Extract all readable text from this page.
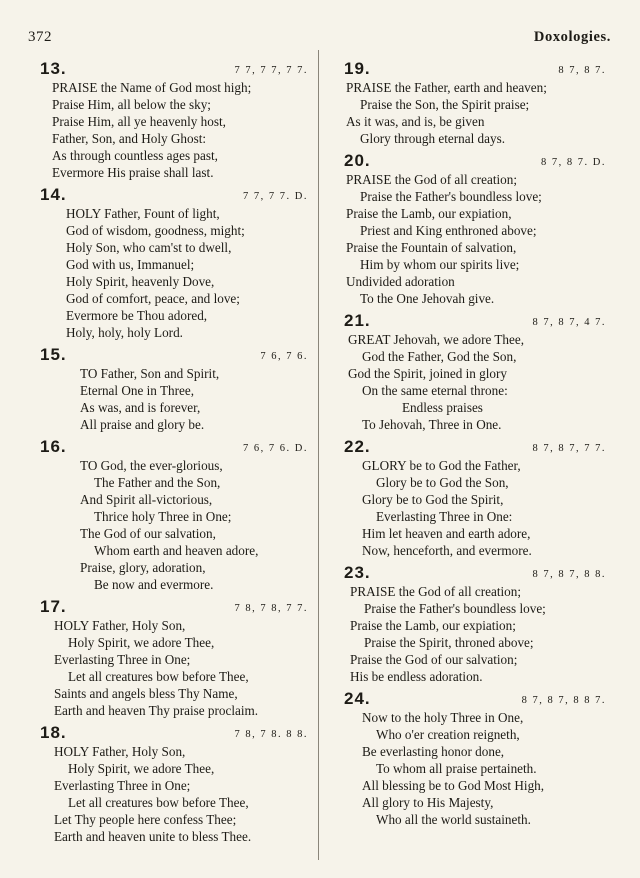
372	Doxologies.
13.	7 7, 7 7, 7 7.
PRAISE the Name of God most high;
Praise Him, all below the sky;
Praise Him, all ye heavenly host,
Father, Son, and Holy Ghost:
As through countless ages past,
Evermore His praise shall last.
14.	7 7, 7 7. D.
HOLY Father, Fount of light,
God of wisdom, goodness, might;
Holy Son, who cam'st to dwell,
God with us, Immanuel;
Holy Spirit, heavenly Dove,
God of comfort, peace, and love;
Evermore be Thou adored,
Holy, holy, holy Lord.
15.	7 6, 7 6.
TO Father, Son and Spirit,
Eternal One in Three,
As was, and is forever,
All praise and glory be.
16.	7 6, 7 6. D.
TO God, the ever-glorious,
The Father and the Son,
And Spirit all-victorious,
Thrice holy Three in One;
The God of our salvation,
Whom earth and heaven adore,
Praise, glory, adoration,
Be now and evermore.
17.	7 8, 7 8, 7 7.
HOLY Father, Holy Son,
Holy Spirit, we adore Thee,
Everlasting Three in One;
Let all creatures bow before Thee,
Saints and angels bless Thy Name,
Earth and heaven Thy praise proclaim.
18.	7 8, 7 8. 8 8.
HOLY Father, Holy Son,
Holy Spirit, we adore Thee,
Everlasting Three in One;
Let all creatures bow before Thee,
Let Thy people here confess Thee;
Earth and heaven unite to bless Thee.
19.	8 7, 8 7.
PRAISE the Father, earth and heaven;
Praise the Son, the Spirit praise;
As it was, and is, be given
Glory through eternal days.
20.	8 7, 8 7. D.
PRAISE the God of all creation;
Praise the Father's boundless love;
Praise the Lamb, our expiation,
Priest and King enthroned above;
Praise the Fountain of salvation,
Him by whom our spirits live;
Undivided adoration
To the One Jehovah give.
21.	8 7, 8 7, 4 7.
GREAT Jehovah, we adore Thee,
God the Father, God the Son,
God the Spirit, joined in glory
On the same eternal throne:
Endless praises
To Jehovah, Three in One.
22.	8 7, 8 7, 7 7.
GLORY be to God the Father,
Glory be to God the Son,
Glory be to God the Spirit,
Everlasting Three in One:
Him let heaven and earth adore,
Now, henceforth, and evermore.
23.	8 7, 8 7, 8 8.
PRAISE the God of all creation;
Praise the Father's boundless love;
Praise the Lamb, our expiation;
Praise the Spirit, throned above;
Praise the God of our salvation;
His be endless adoration.
24.	8 7, 8 7, 8 8 7.
Now to the holy Three in One,
Who o'er creation reigneth,
Be everlasting honor done,
To whom all praise pertaineth.
All blessing be to God Most High,
All glory to His Majesty,
Who all the world sustaineth.
